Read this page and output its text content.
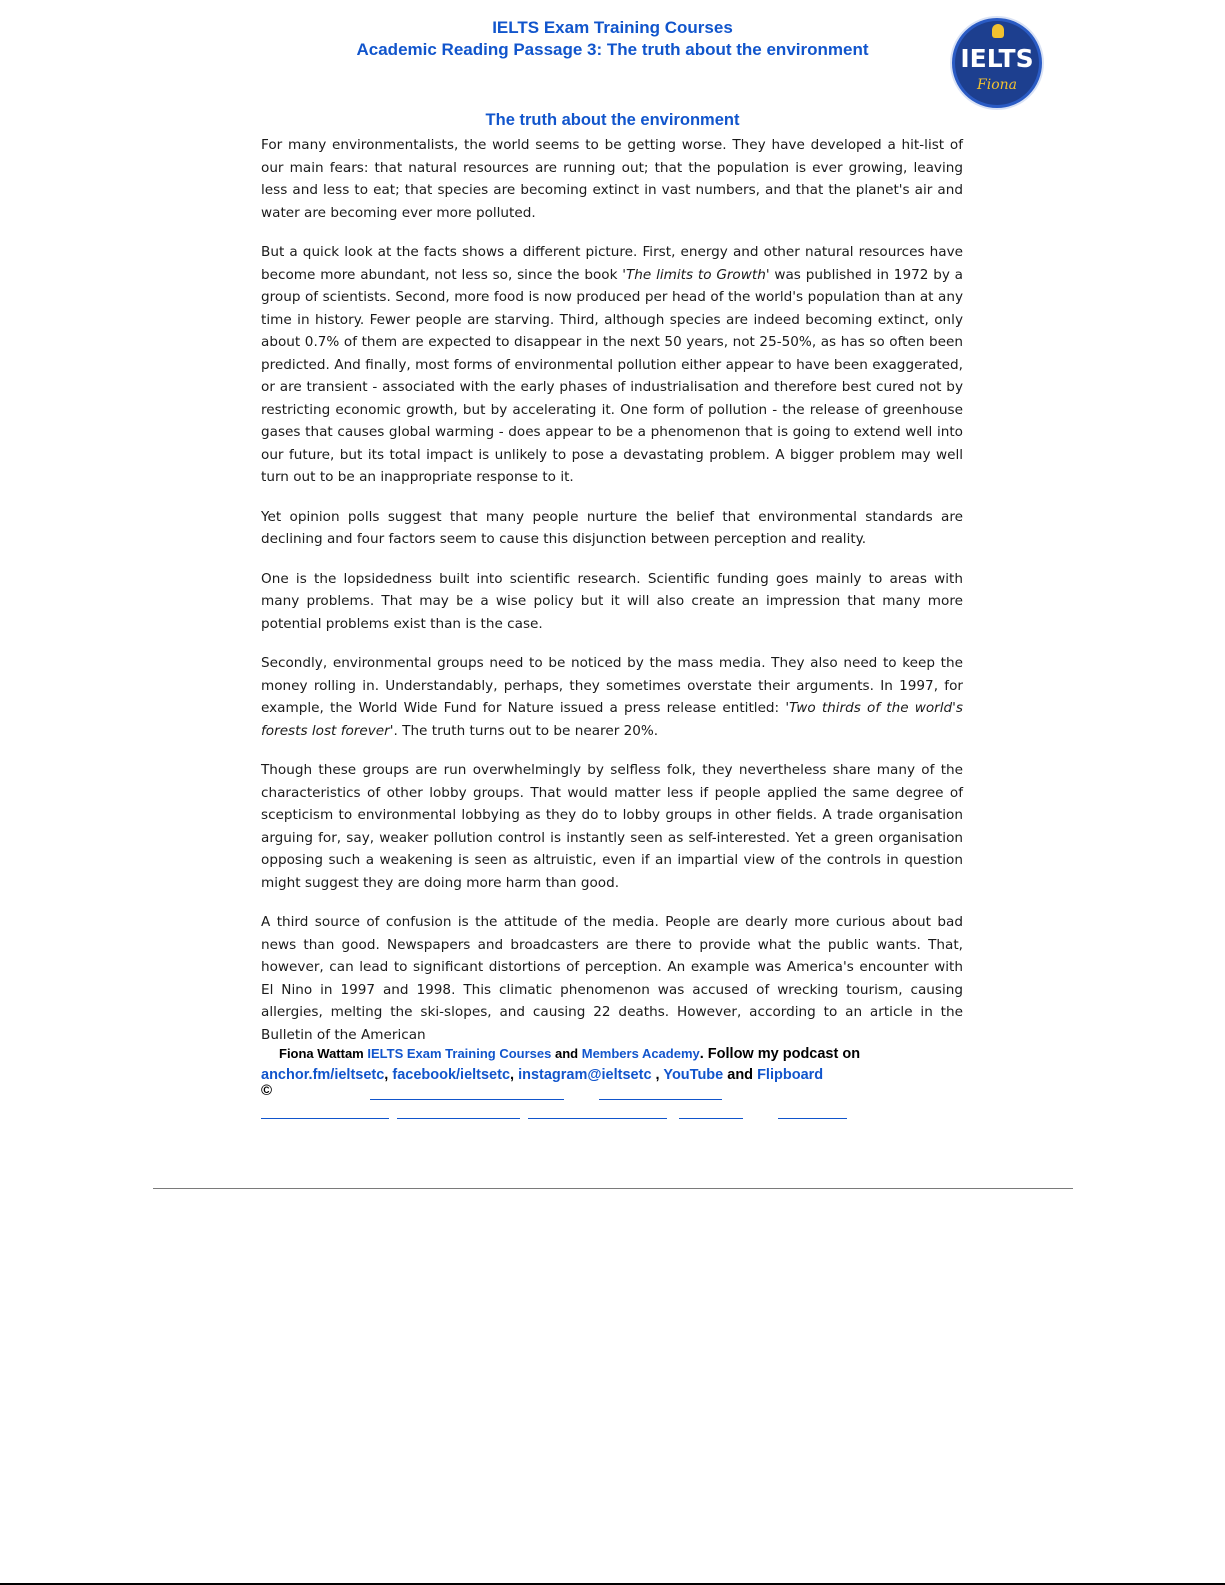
IELTS Exam Training Courses

Academic Reading Passage 3: The truth about the environment	IELTS
Fiona

The truth about the environment

For many environmentalists, the world seems to be getting worse. They have developed a hit-list of our main fears: that natural resources are running out; that the population is ever growing, leaving less and less to eat; that species are becoming extinct in vast numbers, and that the planet's air and water are becoming ever more polluted.

But a quick look at the facts shows a different picture. First, energy and other natural resources have become more abundant, not less so, since the book 'The limits to Growth' was published in 1972 by a group of scientists. Second, more food is now produced per head of the world's population than at any time in history. Fewer people are starving. Third, although species are indeed becoming extinct, only about 0.7% of them are expected to disappear in the next 50 years, not 25-50%, as has so often been predicted. And finally, most forms of environmental pollution either appear to have been exaggerated, or are transient - associated with the early phases of industrialisation and therefore best cured not by restricting economic growth, but by accelerating it. One form of pollution - the release of greenhouse gases that causes global warming - does appear to be a phenomenon that is going to extend well into our future, but its total impact is unlikely to pose a devastating problem. A bigger problem may well turn out to be an inappropriate response to it.

Yet opinion polls suggest that many people nurture the belief that environmental standards are declining and four factors seem to cause this disjunction between perception and reality.

One is the lopsidedness built into scientific research. Scientific funding goes mainly to areas with many problems. That may be a wise policy but it will also create an impression that many more potential problems exist than is the case.

Secondly, environmental groups need to be noticed by the mass media. They also need to keep the money rolling in. Understandably, perhaps, they sometimes overstate their arguments. In 1997, for example, the World Wide Fund for Nature issued a press release entitled: 'Two thirds of the world's forests lost forever'. The truth turns out to be nearer 20%.

Though these groups are run overwhelmingly by selfless folk, they nevertheless share many of the characteristics of other lobby groups. That would matter less if people applied the same degree of scepticism to environmental lobbying as they do to lobby groups in other fields. A trade organisation arguing for, say, weaker pollution control is instantly seen as self-interested. Yet a green organisation opposing such a weakening is seen as altruistic, even if an impartial view of the controls in question might suggest they are doing more harm than good.

A third source of confusion is the attitude of the media. People are dearly more curious about bad news than good. Newspapers and broadcasters are there to provide what the public wants. That, however, can lead to significant distortions of perception. An example was America's encounter with El Nino in 1997 and 1998. This climatic phenomenon was accused of wrecking tourism, causing allergies, melting the ski-slopes, and causing 22 deaths. However, according to an article in the Bulletin of the American

Fiona Wattam IELTS Exam Training Courses and Members Academy. Follow my podcast on
anchor.fm/ieltsetc, facebook/ieltsetc, instagram@ieltsetc , YouTube and Flipboard
©
